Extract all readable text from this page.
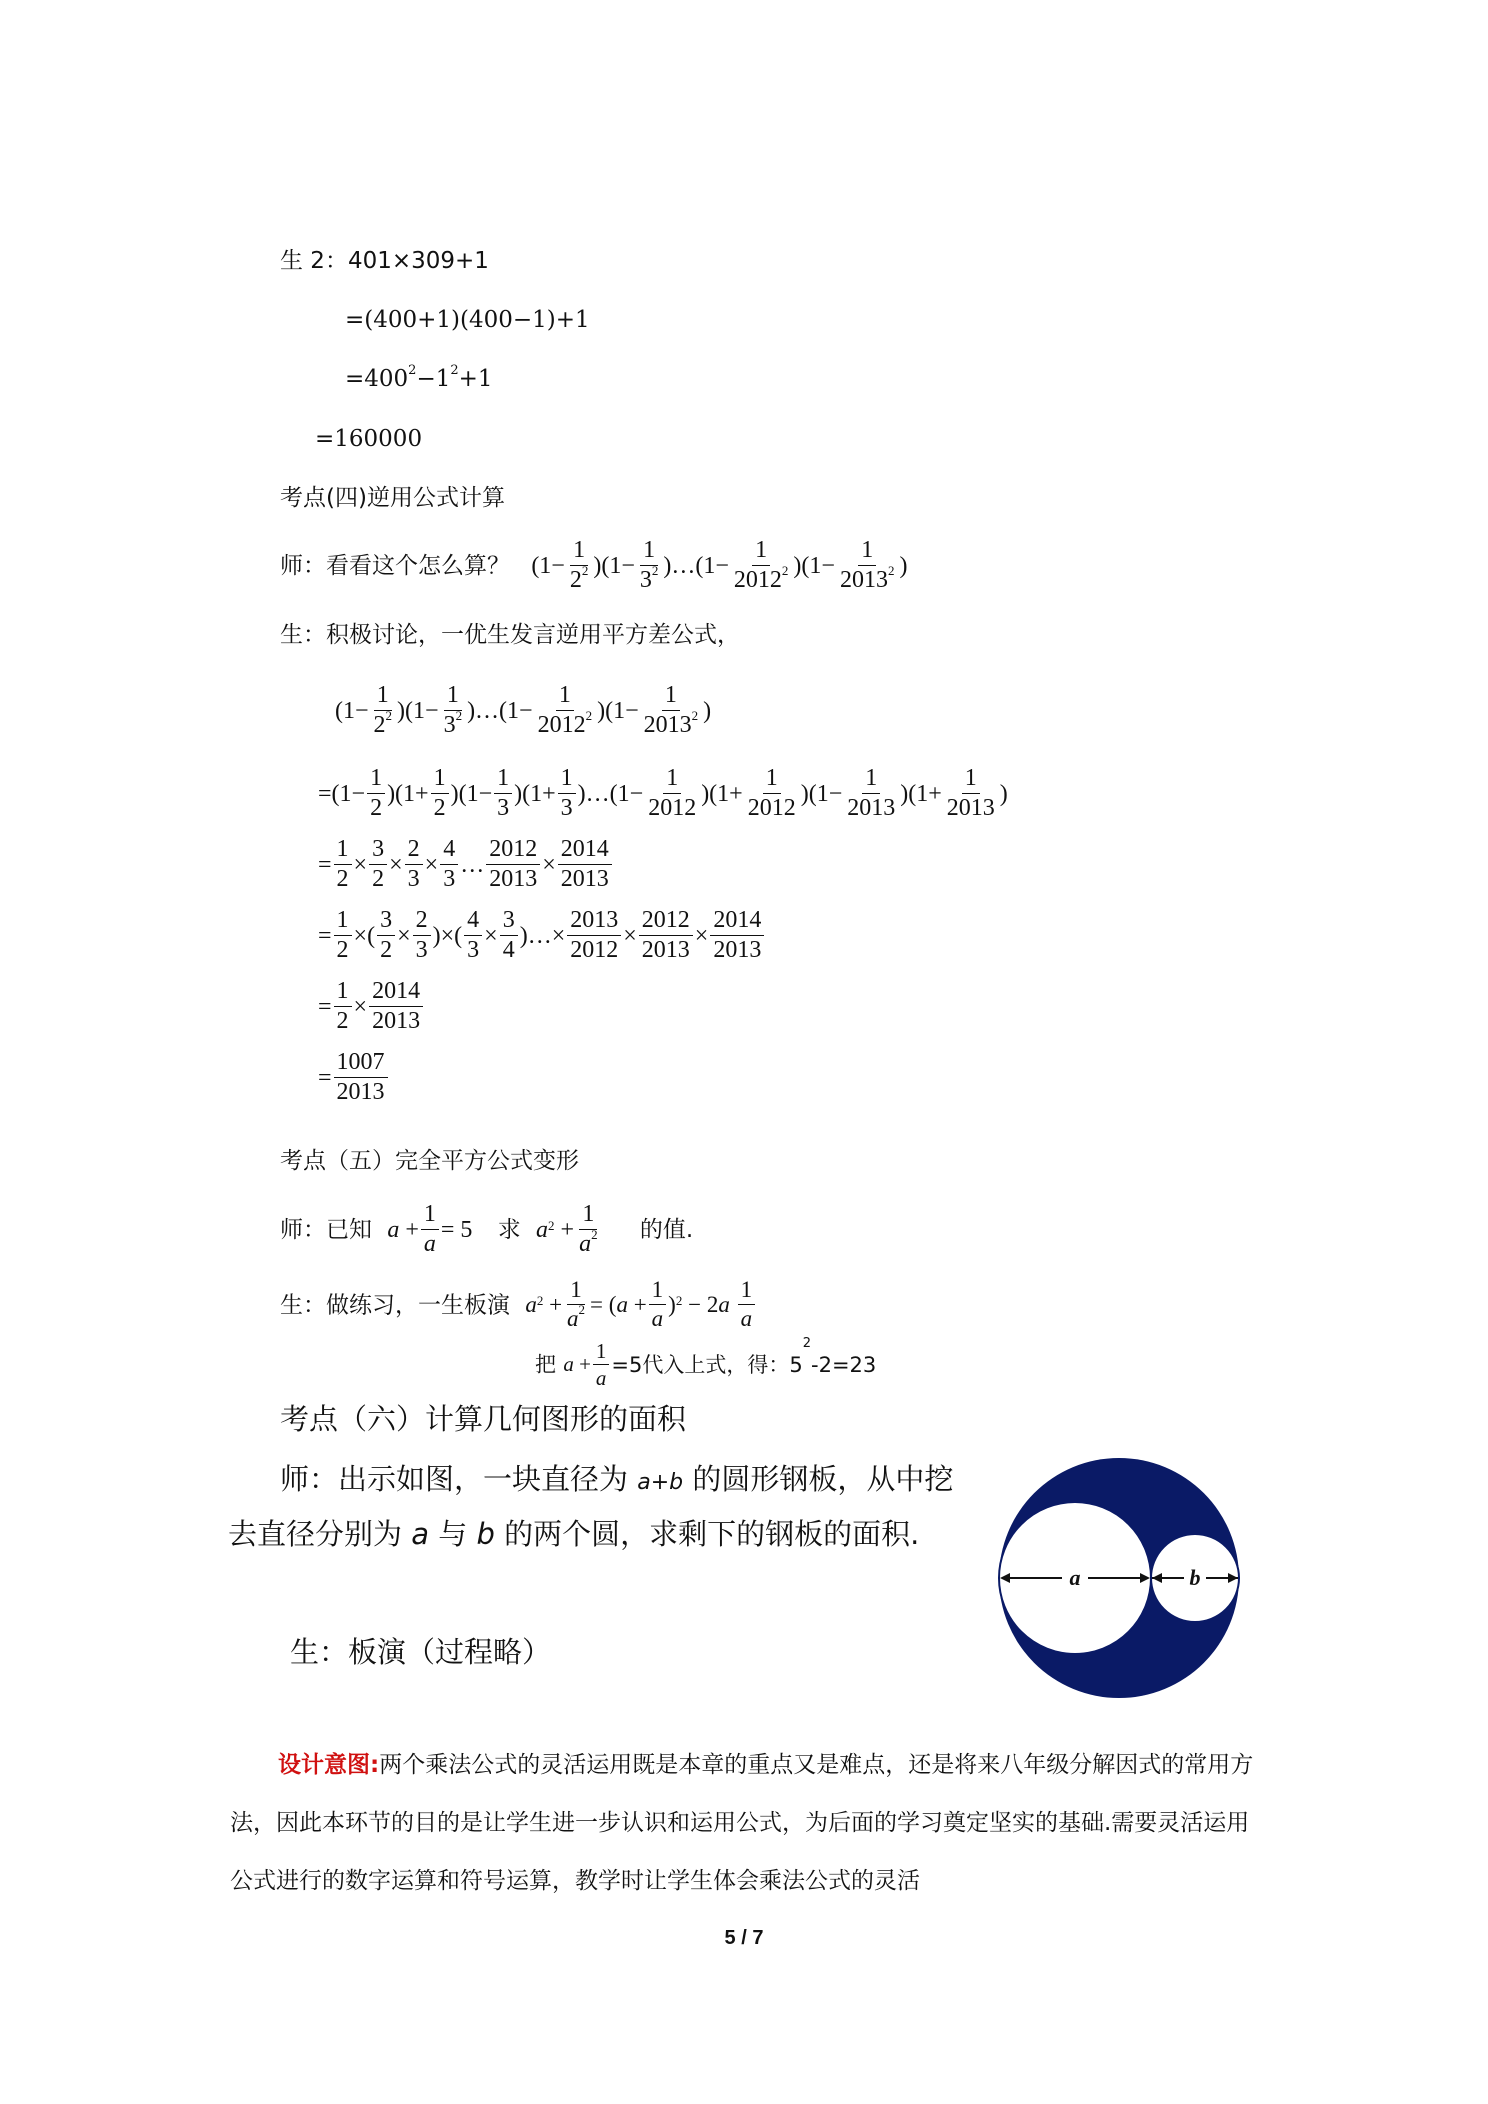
生 2：401×309+1
=(400+1)(400−1)+1
$=400^2-1^2+1$
=160000
考点(四)逆用公式计算
师：看看这个怎么算？ $(1- \frac{1}{2^2} )(1- \frac{1}{3^2}$ )…(1− $\frac{1}{2012^2} )(1- \frac{1}{2013^2}$ )
生：积极讨论，一优生发言逆用平方差公式，
$(1- \frac{1}{2^2} )(1- \frac{1}{3^2}$ )…(1− $\frac{1}{2012^2} )(1- \frac{1}{2013^2}$ )
$=(1- \frac{1}{2} )(1+ \frac{1}{2} )(1- \frac{1}{3} )(1+ \frac{1}{3}$ )…(1− $\frac{1}{2012} )(1+ \frac{1}{2012} )(1- \frac{1}{2013} )(1+ \frac{1}{2013}$ )
= $\frac{1}{2} \times \frac{3}{2} \times \frac{2}{3} \times \frac{4}{3}$ … $\frac{2012}{2013} \times \frac{2014}{2013}$
= $\frac{1}{2}$ ×( $\frac{3}{2} \times \frac{2}{3}$ )×( $\frac{4}{3} \times \frac{3}{4}$ )…× $\frac{2013}{2012} \times \frac{2012}{2013} \times \frac{2014}{2013}$
= $\frac{1}{2} \times \frac{2014}{2013}$
= $\frac{1007}{2013}$
考点（五）完全平方公式变形
师：已知 $a + \frac{1}{a} = 5$ 求 $a^2 + \frac{1}{a^2}$ 的值.
生：做练习，一生板演 $a^2 + \frac{1}{a^2}$ = ( $a + \frac{1}{a} )^2 - 2$ a
$\frac{1}{a}$
把 $a + \frac{1}{a} =5$代入上式，得：$5^2-2=23$
考点（六）计算几何图形的面积
师：出示如图，一块直径为 a+b 的圆形钢板，从中挖
去直径分别为 a 与 b 的两个圆，求剩下的钢板的面积.
生：板演（过程略）
a	b
设计意图:两个乘法公式的灵活运用既是本章的重点又是难点，还是将来八年级分解因式的常用方法，因此本环节的目的是让学生进一步认识和运用公式，为后面的学习奠定坚实的基础.需要灵活运用公式进行的数字运算和符号运算，教学时让学生体会乘法公式的灵活
5 / 7
